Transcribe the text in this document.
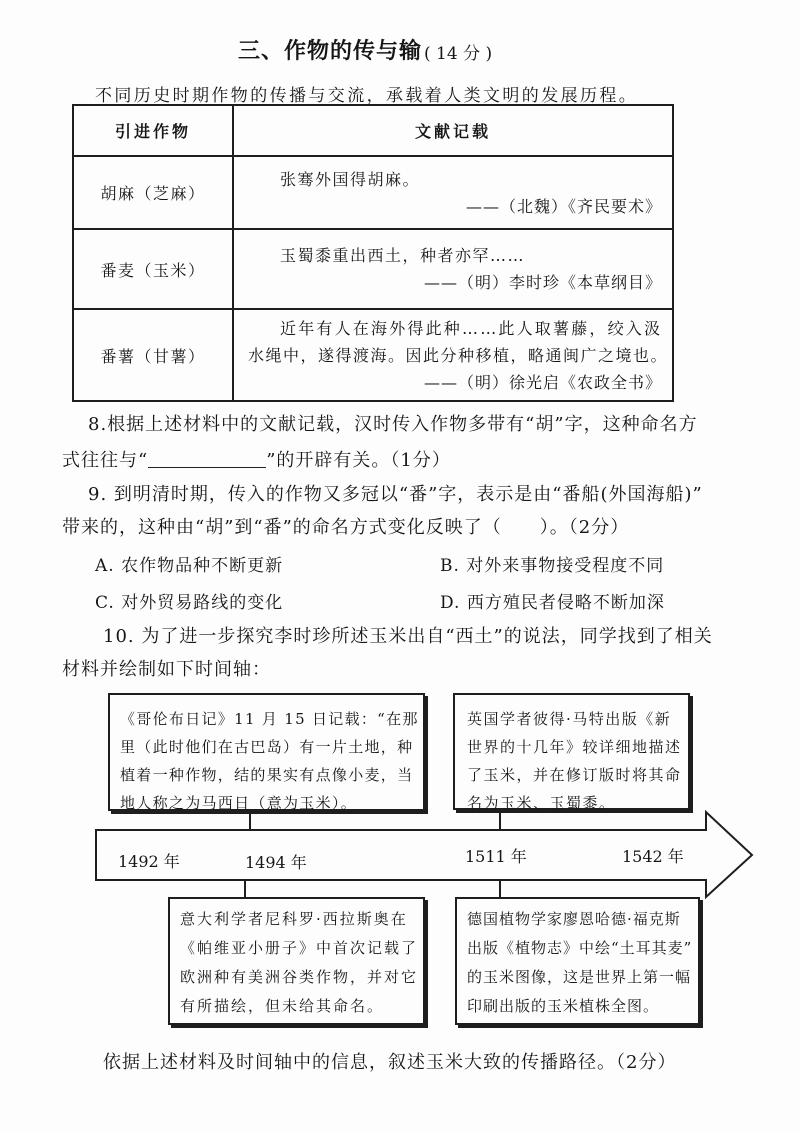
三、作物的传与输 ( 14 分 )
不同历史时期作物的传播与交流，承载着人类文明的发展历程。
引进作物	文献记载
胡麻（芝麻）	张骞外国得胡麻。
——（北魏）《齐民要术》

番麦（玉米）	玉蜀黍重出西土，种者亦罕……
——（明）李时珍《本草纲目》

番薯（甘薯）	近年有人在海外得此种……此人取薯藤，绞入汲
水绳中，遂得渡海。因此分种移植，略通闽广之境也。
——（明）徐光启《农政全书》
8.根据上述材料中的文献记载，汉时传入作物多带有“胡”字，这种命名方
式往往与“	”的开辟有关。（1分）
9. 到明清时期，传入的作物又多冠以“番”字，表示是由“番船(外国海船)”
带来的，这种由“胡”到“番”的命名方式变化反映了（　　）。（2分）
A. 农作物品种不断更新	B. 对外来事物接受程度不同
C. 对外贸易路线的变化	D. 西方殖民者侵略不断加深
10. 为了进一步探究李时珍所述玉米出自“西土”的说法，同学找到了相关
材料并绘制如下时间轴：
1492 年	1494 年	1511 年	1542 年
《哥伦布日记》11 月 15 日记载：“在那
里（此时他们在古巴岛）有一片土地，种
植着一种作物，结的果实有点像小麦，当
地人称之为马西日（意为玉米）。
英国学者彼得·马特出版《新
世界的十几年》较详细地描述
了玉米，并在修订版时将其命
名为玉米、玉蜀黍。
意大利学者尼科罗·西拉斯奥在
《帕维亚小册子》中首次记载了
欧洲种有美洲谷类作物，并对它
有所描绘，但未给其命名。
德国植物学家廖恩哈德·福克斯
出版《植物志》中绘“土耳其麦”
的玉米图像，这是世界上第一幅
印刷出版的玉米植株全图。
依据上述材料及时间轴中的信息，叙述玉米大致的传播路径。（2分）
